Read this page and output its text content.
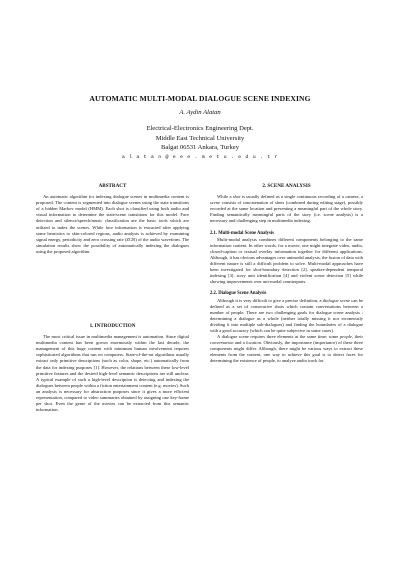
AUTOMATIC MULTI-MODAL DIALOGUE SCENE INDEXING
A. Aydin Alatan
Electrical-Electronics Engineering Dept.
Middle East Technical University
Balgat 06531 Ankara, Turkey
a l a t a n @ e e e . m e t u . e d u . t r
ABSTRACT

An automatic algorithm for indexing dialogue scenes in multimedia content is proposed. The content is segmented into dialogue scenes using the state transitions of a hidden Markov model (HMM). Each shot is classified using both audio and visual information to determine the state/scene transitions for this model. Face detection and silence/speech/music classification are the basic tools which are utilized to index the scenes. While face information is extracted after applying some heuristics to skin-colored regions, audio analysis is achieved by examining signal energy, periodicity and zero crossing rate (ZCR) of the audio waveform. The simulation results show the possibility of automatically indexing the dialogues using the proposed algorithm.

1. INTRODUCTION

The most critical issue in multimedia management is automation. Since digital multimedia content has been grown enormously within the last decade, the management of this huge content with minimum human involvement requires sophisticated algorithms that run on computers. State-of-the-art algorithms usually extract only primitive descriptions (such as color, shape, etc.) automatically from the data for indexing purposes [1]. However, the relations between these low-level primitive features and the desired high-level semantic descriptions are still unclear. A typical example of such a high-level description is detecting and indexing the dialogues between people within a fiction entertainment content (e.g. movies). Such an analysis is necessary for abstraction purposes since it gives a more efficient representation, compared to video summaries obtained by assigning one key-frame per shot. Even the genre of the movies can be extracted from this semantic information.

2. SCENE ANALYSIS

While a shot is usually defined as a single continuous recording of a camera, a scene consists of concatenation of shots (combined during editing stage), possibly recorded at the same location and presenting a meaningful part of the whole story. Finding semantically meaningful parts of the story (i.e. scene analysis) is a necessary and challenging step in multimedia indexing.

2.1. Multi-modal Scene Analysis

Multi-modal analysis combines different components belonging to the same information content. In other words, for a movie, one might integrate video, audio, closed-caption or textual overlay information together for different applications. Although, it has obvious advantages over unimodal analysis, the fusion of data with different nature is still a difficult problem to solve. Multi-modal approaches have been investigated for shot-boundary detection [2], speaker-dependent temporal indexing [3], story unit identification [4] and violent scene detection [5] while showing improvements over uni-modal counterparts.

2.2. Dialogue Scene Analysis

Although it is very difficult to give a precise definition, a dialogue scene can be defined as a set of consecutive shots which contain conversations between a number of people. There are two challenging goals for dialogue scene analysis : determining a dialogue as a whole (neither totally missing it nor erroneously dividing it into multiple sub-dialogues) and finding the boundaries of a dialogue with a good accuracy (which can be quite subjective in some cases).

A dialogue scene requires three elements at the same time; some people, their conversation and a location. Obviously, the importance (importance) of these three components might differ. Although, there might be various ways to extract these elements from the content, one way to achieve this goal is to detect faces for determining the existence of people, to analyze audio track for
